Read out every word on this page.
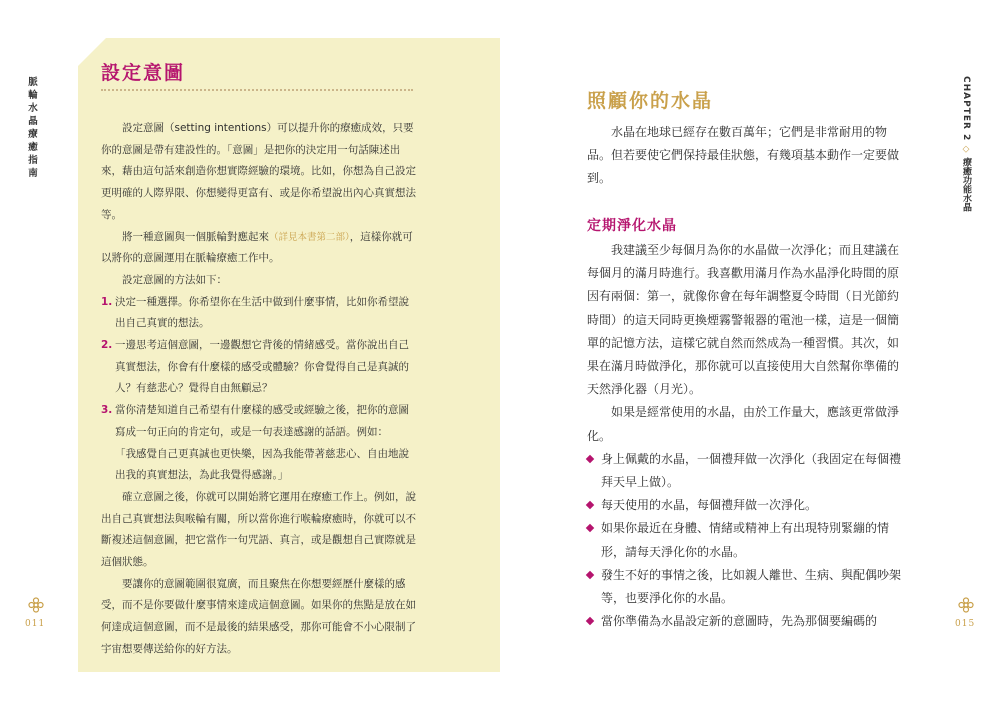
脈輪水晶療癒指南
設定意圖

設定意圖（setting intentions）可以提升你的療癒成效，只要你的意圖是帶有建設性的。「意圖」是把你的決定用一句話陳述出來，藉由這句話來創造你想實際經驗的環境。比如，你想為自己設定更明確的人際界限、你想變得更富有、或是你希望說出內心真實想法等。

將一種意圖與一個脈輪對應起來（詳見本書第二部），這樣你就可以將你的意圖運用在脈輪療癒工作中。

設定意圖的方法如下：

1. 決定一種選擇。你希望你在生活中做到什麼事情，比如你希望說出自己真實的想法。

2. 一邊思考這個意圖，一邊觀想它背後的情緒感受。當你說出自己真實想法，你會有什麼樣的感受或體驗？你會覺得自己是真誠的人？有慈悲心？覺得自由無顧忌？

3. 當你清楚知道自己希望有什麼樣的感受或經驗之後，把你的意圖寫成一句正向的肯定句，或是一句表達感謝的話語。例如：

「我感覺自己更真誠也更快樂，因為我能帶著慈悲心、自由地說出我的真實想法，為此我覺得感謝。」

確立意圖之後，你就可以開始將它運用在療癒工作上。例如，說出自己真實想法與喉輪有關，所以當你進行喉輪療癒時，你就可以不斷複述這個意圖，把它當作一句咒語、真言，或是觀想自己實際就是這個狀態。

要讓你的意圖範圍很寬廣，而且聚焦在你想要經歷什麼樣的感受，而不是你要做什麼事情來達成這個意圖。如果你的焦點是放在如何達成這個意圖，而不是最後的結果感受，那你可能會不小心限制了宇宙想要傳送給你的好方法。

011
CHAPTER 2 ◇ 療癒功能水晶
照顧你的水晶

水晶在地球已經存在數百萬年；它們是非常耐用的物品。但若要使它們保持最佳狀態，有幾項基本動作一定要做到。

定期淨化水晶

我建議至少每個月為你的水晶做一次淨化；而且建議在每個月的滿月時進行。我喜歡用滿月作為水晶淨化時間的原因有兩個：第一，就像你會在每年調整夏令時間（日光節約時間）的這天同時更換煙霧警報器的電池一樣，這是一個簡單的記憶方法，這樣它就自然而然成為一種習慣。其次，如果在滿月時做淨化，那你就可以直接使用大自然幫你準備的天然淨化器（月光）。

如果是經常使用的水晶，由於工作量大，應該更常做淨化。

身上佩戴的水晶，一個禮拜做一次淨化（我固定在每個禮拜天早上做）。

每天使用的水晶，每個禮拜做一次淨化。

如果你最近在身體、情緒或精神上有出現特別緊繃的情形，請每天淨化你的水晶。

發生不好的事情之後，比如親人離世、生病、與配偶吵架等，也要淨化你的水晶。

當你準備為水晶設定新的意圖時，先為那個要編碼的	015
